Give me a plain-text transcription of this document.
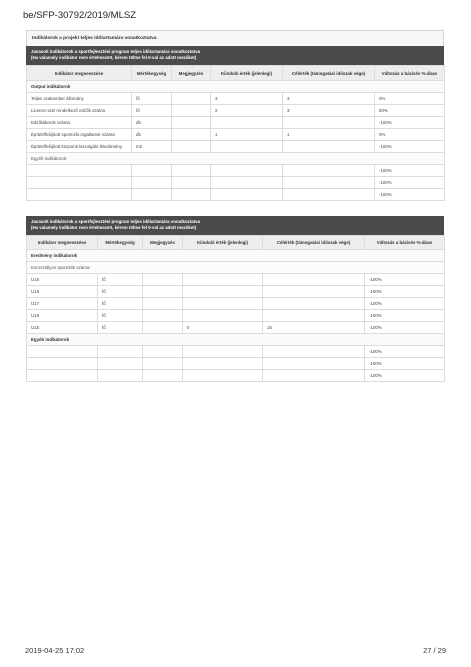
be/SFP-30792/2019/MLSZ
Indikátorok a projekt teljes időtartamára vonatkoztatva
Javasolt indikátorok a sportfejlesztési program teljes időtartamára vonatkoztatva
(Ha valamely indikátor nem értelmezett, kérem töltse fel 0-val az adott mezőket)
Indikátor megnevezése	Mértékegység	Megjegyzés	Kiinduló érték (jelenlegi)	Célérték (támogatási időszak vége)	Változás a bázisév %-ában
Output indikátorok					
Teljes szakember állomány	fő		3	3	0%
Licensz-szel rendelkező edzők száma	fő		2	3	50%
Edzőtáborok száma	db				-100%
Épített/felújított sportcélú ingatlanok száma	db		1	1	0%
Épített/felújított központi kiszolgáló létesítmény	m2				-100%
Egyéb indikátorok:					
					-100%
					-100%
					-100%
Javasolt indikátorok a sportfejlesztési program teljes időtartamára vonatkoztatva
(Ha valamely indikátor nem értelmezett, kérem töltse fel 0-val az adott mezőket)
Indikátor megnevezése	Mértékegység	Megjegyzés	Kiinduló érték (jelenlegi)	Célérték (támogatási időszak vége)	Változás a bázisév %-ában
Eredmény indikátorok					
Korosztályos sportolók száma:					
U16	fő				-100%
U18	fő				-100%
U17	fő				-100%
U19	fő				-100%
U15	fő		0	16	-100%
Egyéb indikátorok					
					-100%
					-100%
					-100%
2019-04-25 17:02	27 / 29
